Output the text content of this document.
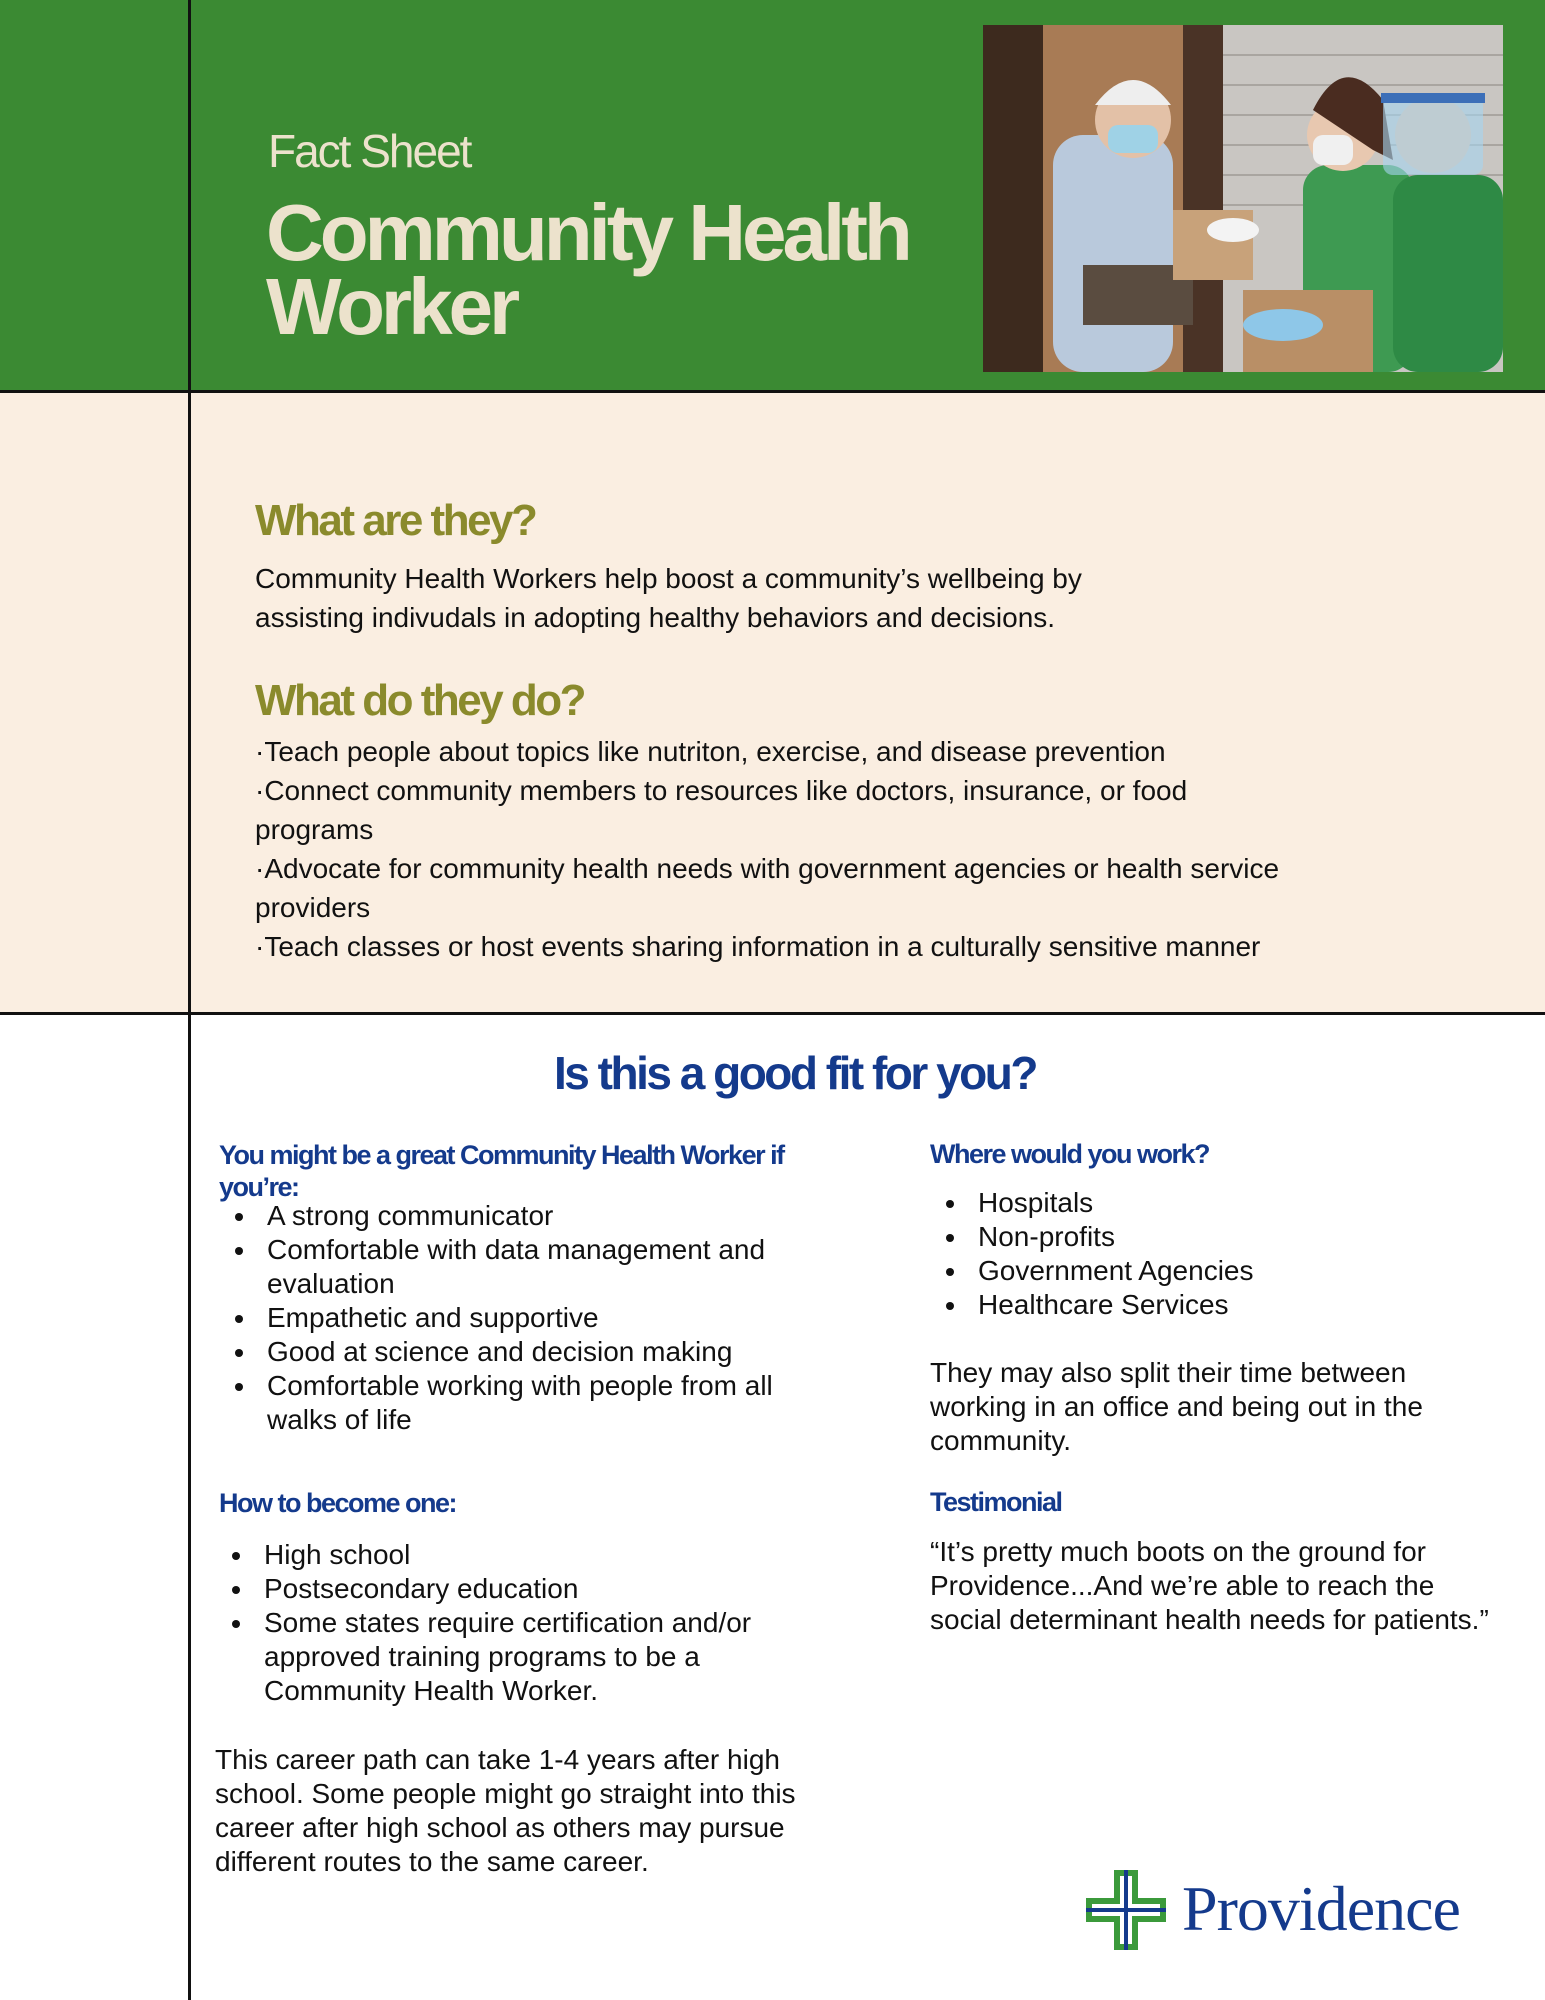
Fact Sheet
Community Health Worker
What are they?

Community Health Workers help boost a community’s wellbeing by

assisting indivudals in adopting healthy behaviors and decisions.

What do they do?

·Teach people about topics like nutriton, exercise, and disease prevention

·Connect community members to resources like doctors, insurance, or food

programs

·Advocate for community health needs with government agencies or health service

providers

·Teach classes or host events sharing information in a culturally sensitive manner

Is this a good fit for you?
You might be a great Community Health Worker if you’re:
A strong communicator
Comfortable with data management and evaluation
Empathetic and supportive
Good at science and decision making
Comfortable working with people from all walks of life
How to become one:
High school
Postsecondary education
Some states require certification and/or approved training programs to be a Community Health Worker.
This career path can take 1-4 years after high school. Some people might go straight into this career after high school as others may pursue different routes to the same career.
Where would you work?
Hospitals
Non-profits
Government Agencies
Healthcare Services
They may also split their time between working in an office and being out in the community.
Testimonial
“It’s pretty much boots on the ground for Providence...And we’re able to reach the social determinant health needs for patients.”
Providence
